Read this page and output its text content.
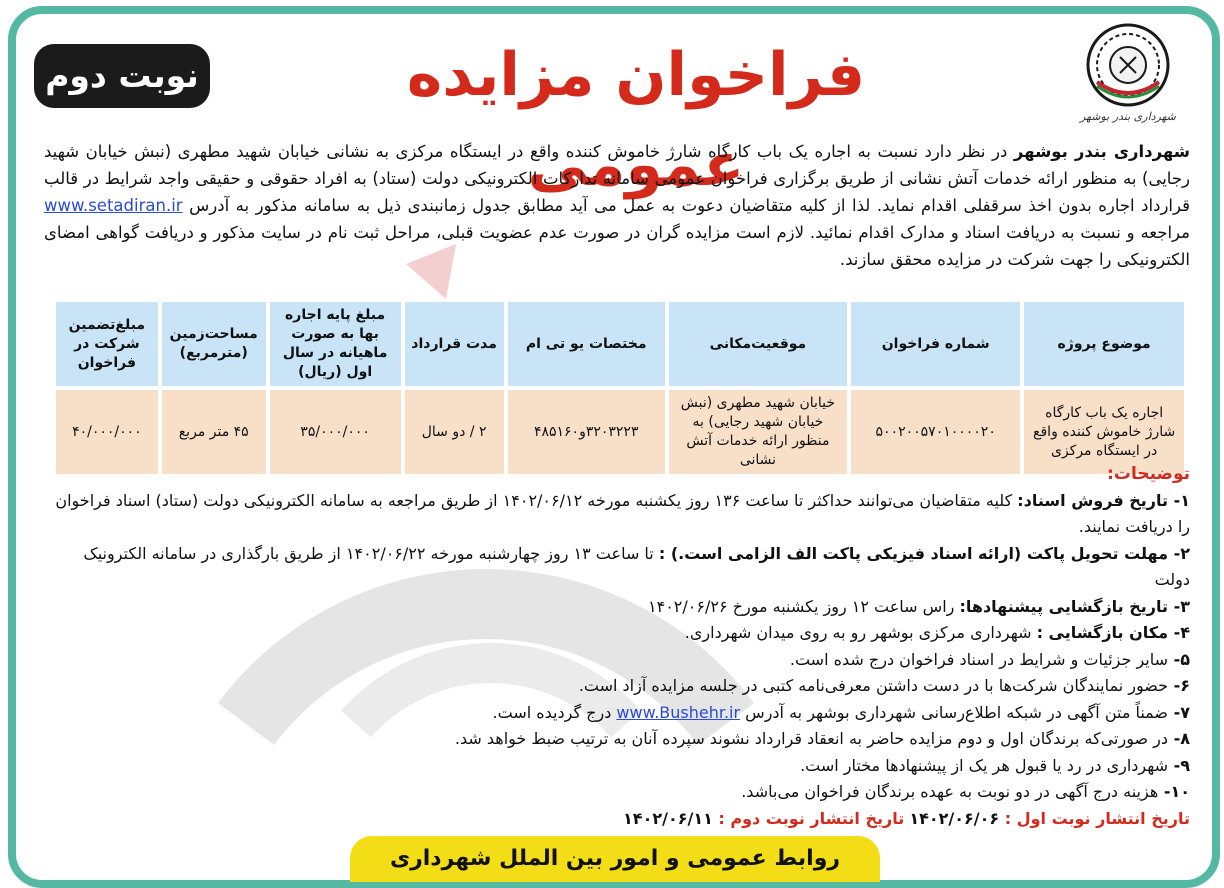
شهرداری بندر بوشهر
فراخوان مزایده عمومی
نوبت دوم
شهرداری بندر بوشهر در نظر دارد نسبت به اجاره یک باب کارگاه شارژ خاموش کننده واقع در ایستگاه مرکزی به نشانی خیابان شهید مطهری (نبش خیابان شهید رجایی) به منظور ارائه خدمات آتش نشانی از طریق برگزاری فراخوان عمومی سامانه تدارکات الکترونیکی دولت (ستاد) به افراد حقوقی و حقیقی واجد شرایط در قالب قرارداد اجاره بدون اخذ سرقفلی اقدام نماید. لذا از کلیه متقاضیان دعوت به عمل می آید مطابق جدول زمانبندی ذیل به سامانه مذکور به آدرس www.setadiran.ir مراجعه و نسبت به دریافت اسناد و مدارک اقدام نمائید. لازم است مزایده گران در صورت عدم عضویت قبلی، مراحل ثبت نام در سایت مذکور و دریافت گواهی امضای الکترونیکی را جهت شرکت در مزایده محقق سازند.
موضوع پروژه	شماره فراخوان	موقعیت‌مکانی	مختصات یو تی ام	مدت قرارداد	مبلغ پایه اجاره بها به صورت ماهیانه در سال اول (ریال)	مساحت‌زمین (مترمربع)	مبلغ‌تضمین شرکت در فراخوان
اجاره یک باب کارگاه شارژ خاموش کننده واقع در ایستگاه مرکزی	۵۰۰۲۰۰۵۷۰۱۰۰۰۰۲۰	خیابان شهید مطهری (نبش خیابان شهید رجایی) به منظور ارائه خدمات آتش نشانی	۳۲۰۳۲۲۳و۴۸۵۱۶۰	۲ / دو سال	۳۵/۰۰۰/۰۰۰	۴۵ متر مربع	۴۰/۰۰۰/۰۰۰
توضیحات:
۱- تاریخ فروش اسناد: کلیه متقاضیان می‌توانند حداکثر تا ساعت ۱۳۶ روز یکشنبه مورخه ۱۴۰۲/۰۶/۱۲ از طریق مراجعه به سامانه الکترونیکی دولت (ستاد) اسناد فراخوان را دریافت نمایند.
۲- مهلت تحویل پاکت (ارائه اسناد فیزیکی پاکت الف الزامی است.) : تا ساعت ۱۳ روز چهارشنبه مورخه ۱۴۰۲/۰۶/۲۲ از طریق بارگذاری در سامانه الکترونیک دولت
۳- تاریخ بازگشایی پیشنهادها: راس ساعت ۱۲ روز یکشنبه مورخ ۱۴۰۲/۰۶/۲۶
۴- مکان بازگشایی : شهرداری مرکزی بوشهر رو به روی میدان شهرداری.
۵- سایر جزئیات و شرایط در اسناد فراخوان درج شده است.
۶- حضور نمایندگان شرکت‌ها با در دست داشتن معرفی‌نامه کتبی در جلسه مزایده آزاد است.
۷- ضمناً متن آگهی در شبکه اطلاع‌رسانی شهرداری بوشهر به آدرس www.Bushehr.ir درج گردیده است.
۸- در صورتی‌که برندگان اول و دوم مزایده حاضر به انعقاد قرارداد نشوند سپرده آنان به ترتیب ضبط خواهد شد.
۹- شهرداری در رد یا قبول هر یک از پیشنهادها مختار است.
۱۰- هزینه درج آگهی در دو نوبت به عهده برندگان فراخوان می‌باشد.
تاریخ انتشار نوبت اول : ۱۴۰۲/۰۶/۰۶ تاریخ انتشار نوبت دوم : ۱۴۰۲/۰۶/۱۱
روابط عمومی و امور بین الملل شهرداری
